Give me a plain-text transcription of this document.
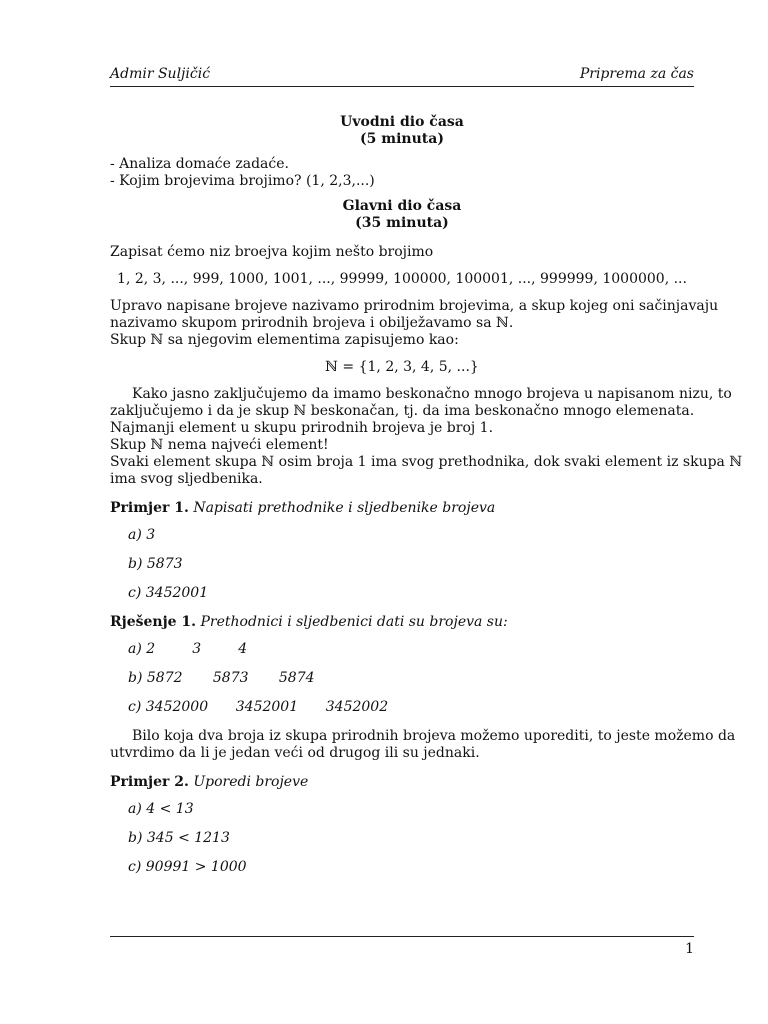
Admir Suljičić	Priprema za čas
Uvodni dio časa
(5 minuta)
- Analiza domaće zadaće.
- Kojim brojevima brojimo? (1, 2,3,...)
Glavni dio časa
(35 minuta)
Zapisat ćemo niz broejva kojim nešto brojimo
1, 2, 3, ..., 999, 1000, 1001, ..., 99999, 100000, 100001, ..., 999999, 1000000, ...
Upravo napisane brojeve nazivamo prirodnim brojevima, a skup kojeg oni sačinjavaju
nazivamo skupom prirodnih brojeva i obilježavamo sa ℕ.
Skup ℕ sa njegovim elementima zapisujemo kao:
ℕ = {1, 2, 3, 4, 5, ...}
Kako jasno zaključujemo da imamo beskonačno mnogo brojeva u napisanom nizu, to
zaključujemo i da je skup ℕ beskonačan, tj. da ima beskonačno mnogo elemenata.
Najmanji element u skupu prirodnih brojeva je broj 1.
Skup ℕ nema najveći element!
Svaki element skupa ℕ osim broja 1 ima svog prethodnika, dok svaki element iz skupa ℕ
ima svog sljedbenika.
Primjer 1. Napisati prethodnike i sljedbenike brojeva
a) 3
b) 5873
c) 3452001
Rješenje 1. Prethodnici i sljedbenici dati su brojeva su:
a) 2	3	4
b) 5872 5873 5874
c) 3452000 3452001 3452002
Bilo koja dva broja iz skupa prirodnih brojeva možemo uporediti, to jeste možemo da
utvrdimo da li je jedan veći od drugog ili su jednaki.
Primjer 2. Uporedi brojeve
a) 4 < 13
b) 345 < 1213
c) 90991 > 1000
1
